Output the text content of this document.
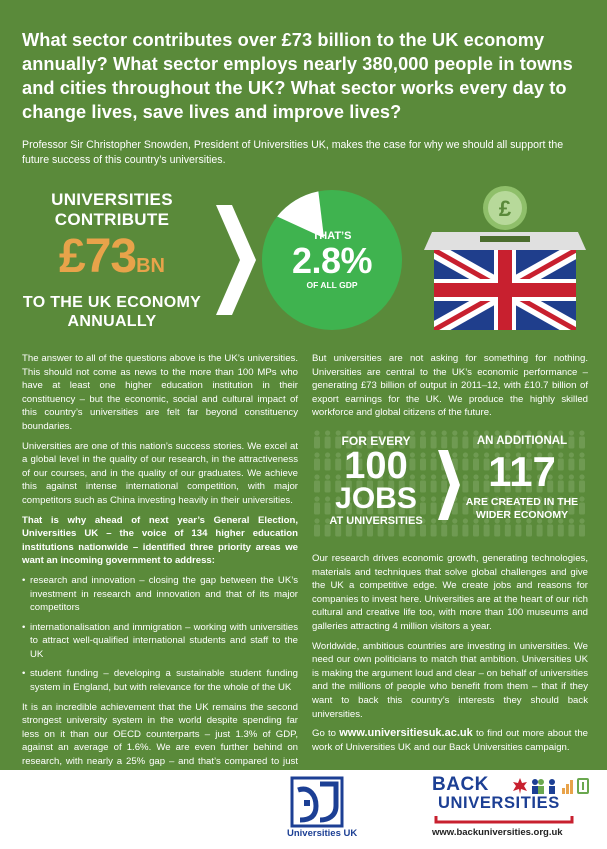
What sector contributes over £73 billion to the UK economy annually? What sector employs nearly 380,000 people in towns and cities throughout the UK? What sector works every day to change lives, save lives and improve lives?
Professor Sir Christopher Snowden, President of Universities UK, makes the case for why we should all support the future success of this country’s universities.
UNIVERSITIES
CONTRIBUTE
£73BN
TO THE UK ECONOMY
ANNUALLY
THAT’S
2.8%
OF ALL GDP
£

The answer to all of the questions above is the UK’s universities. This should not come as news to the more than 100 MPs who have at least one higher education institution in their constituency – but the economic, social and cultural impact of this country’s universities are felt far beyond constituency boundaries.

Universities are one of this nation’s success stories. We excel at a global level in the quality of our research, in the attractiveness of our courses, and in the quality of our graduates. We achieve this against intense international competition, with major competitors such as China investing heavily in their universities.

That is why ahead of next year’s General Election, Universities UK – the voice of 134 higher education institutions nationwide – identified three priority areas we want an incoming government to address:

• research and innovation – closing the gap between the UK’s investment in research and innovation and that of its major competitors
• internationalisation and immigration – working with universities to attract well-qualified international students and staff to the UK
• student funding – developing a sustainable student funding system in England, but with relevance for the whole of the UK

It is an incredible achievement that the UK remains the second strongest university system in the world despite spending far less on it than our OECD counterparts – just 1.3% of GDP, against an average of 1.6%. We are even further behind on research, with nearly a 25% gap – and that’s compared to just

But universities are not asking for something for nothing. Universities are central to the UK’s economic performance – generating £73 billion of output in 2011–12, with £10.7 billion of export earnings for the UK. We produce the highly skilled workforce and global citizens of the future.

FOR EVERY
100
JOBS
AT UNIVERSITIES
AN ADDITIONAL
117
ARE CREATED IN THE
WIDER ECONOMY

Our research drives economic growth, generating technologies, materials and techniques that solve global challenges and give the UK a competitive edge. We create jobs and reasons for companies to invest here. Universities are at the heart of our rich cultural and creative life too, with more than 100 museums and galleries attracting 4 million visitors a year.

Worldwide, ambitious countries are investing in universities. We need our own politicians to match that ambition. Universities UK is making the argument loud and clear – on behalf of universities and the millions of people who benefit from them – that if they want to back this country’s interests they should back universities.

Go to www.universitiesuk.ac.uk to find out more about the work of Universities UK and our Back Universities campaign.

Universities UK
BACK
UNIVERSITIES
www.backuniversities.org.uk
